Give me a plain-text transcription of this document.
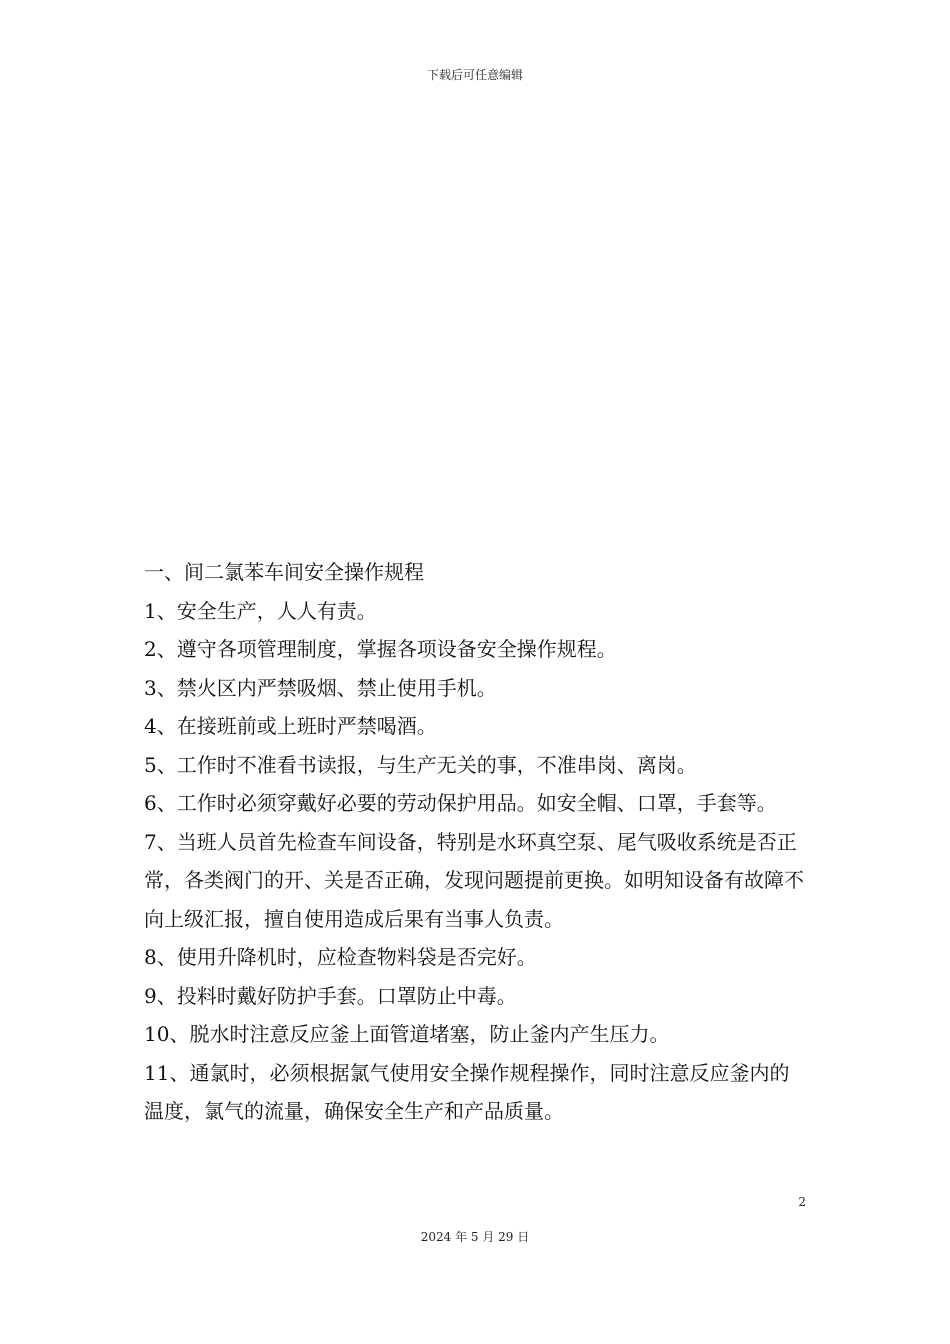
下载后可任意编辑

一、间二氯苯车间安全操作规程

1、安全生产，人人有责。

2、遵守各项管理制度，掌握各项设备安全操作规程。

3、禁火区内严禁吸烟、禁止使用手机。

4、在接班前或上班时严禁喝酒。

5、工作时不准看书读报，与生产无关的事，不准串岗、离岗。

6、工作时必须穿戴好必要的劳动保护用品。如安全帽、口罩，手套等。

7、当班人员首先检查车间设备，特别是水环真空泵、尾气吸收系统是否正常，各类阀门的开、关是否正确，发现问题提前更换。如明知设备有故障不向上级汇报，擅自使用造成后果有当事人负责。

8、使用升降机时，应检查物料袋是否完好。

9、投料时戴好防护手套。口罩防止中毒。

10、脱水时注意反应釜上面管道堵塞，防止釜内产生压力。

11、通氯时，必须根据氯气使用安全操作规程操作，同时注意反应釜内的温度，氯气的流量，确保安全生产和产品质量。

2
2024 年 5 月 29 日
